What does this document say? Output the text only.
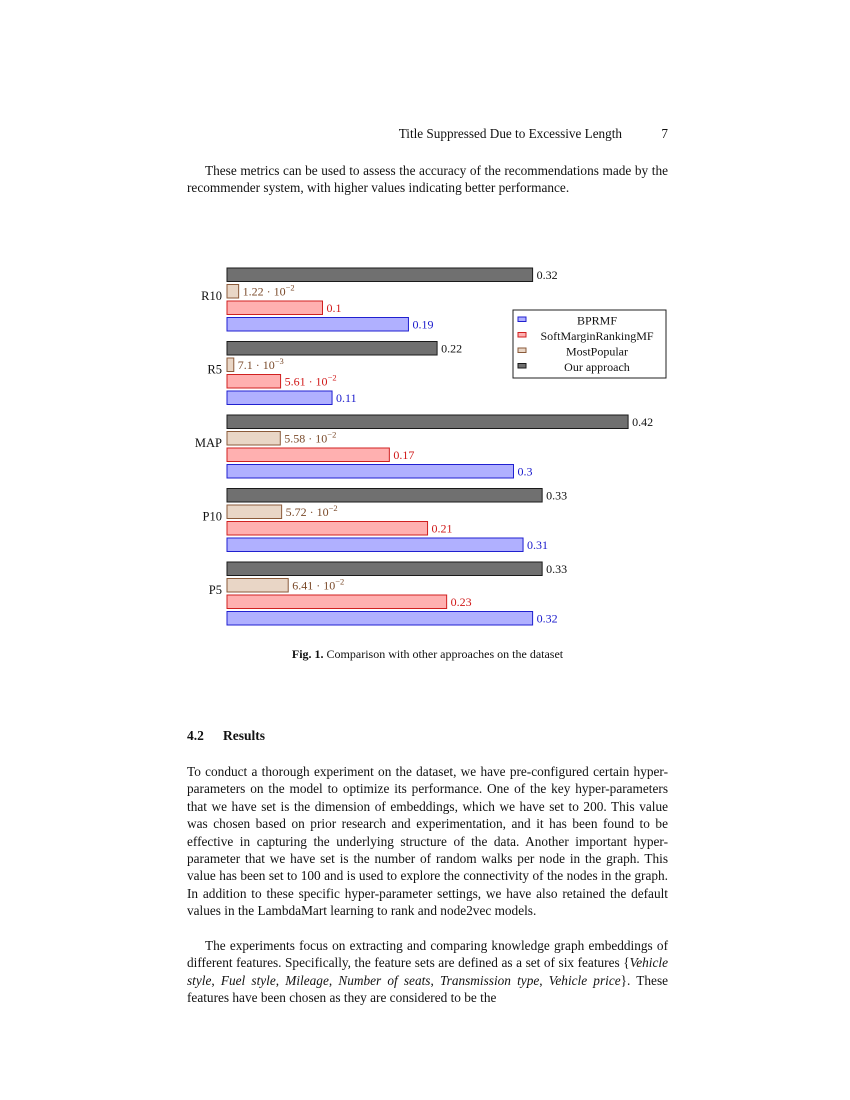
Title Suppressed Due to Excessive Length	7
These metrics can be used to assess the accuracy of the recommendations made by the recommender system, with higher values indicating better performance.
0.32
$1.22 \cdot 10^{-2}$
0.1
0.19
0.22
$7.1 \cdot 10^{-3}$
$5.61 \cdot 10^{-2}$
0.11
0.42
$5.58 \cdot 10^{-2}$
0.17
0.3
0.33
$5.72 \cdot 10^{-2}$
0.21
0.31
0.33
$6.41 \cdot 10^{-2}$
0.23
0.32
R10
R5
MAP
P10
P5
BPRMF
SoftMarginRankingMF
MostPopular
Our approach
Fig. 1. Comparison with other approaches on the dataset
4.2 Results
To conduct a thorough experiment on the dataset, we have pre-configured certain hyper-parameters on the model to optimize its performance. One of the key hyper-parameters that we have set is the dimension of embeddings, which we have set to 200. This value was chosen based on prior research and experimentation, and it has been found to be effective in capturing the underlying structure of the data. Another important hyper-parameter that we have set is the number of random walks per node in the graph. This value has been set to 100 and is used to explore the connectivity of the nodes in the graph. In addition to these specific hyper-parameter settings, we have also retained the default values in the LambdaMart learning to rank and node2vec models.
The experiments focus on extracting and comparing knowledge graph embeddings of different features. Specifically, the feature sets are defined as a set of six features {Vehicle style, Fuel style, Mileage, Number of seats, Transmission type, Vehicle price}. These features have been chosen as they are considered to be the
